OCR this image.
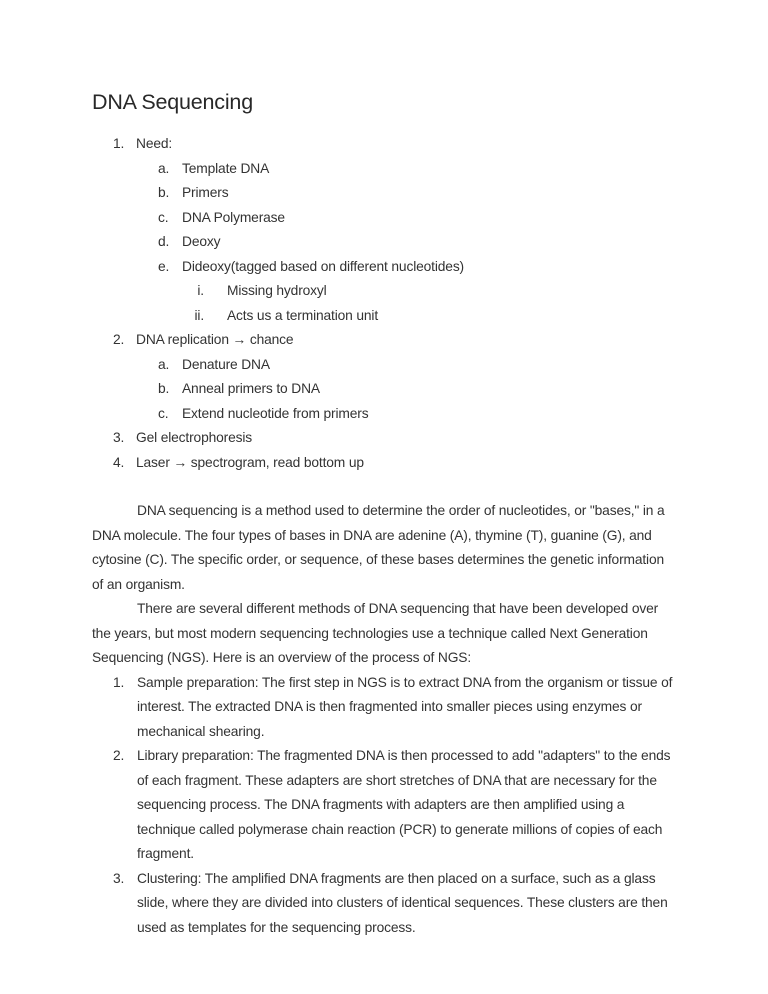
DNA Sequencing
1. Need:
a. Template DNA
b. Primers
c. DNA Polymerase
d. Deoxy
e. Dideoxy(tagged based on different nucleotides)
i. Missing hydroxyl
ii. Acts us a termination unit
2. DNA replication → chance
a. Denature DNA
b. Anneal primers to DNA
c. Extend nucleotide from primers
3. Gel electrophoresis
4. Laser → spectrogram, read bottom up

DNA sequencing is a method used to determine the order of nucleotides, or "bases," in a DNA molecule. The four types of bases in DNA are adenine (A), thymine (T), guanine (G), and cytosine (C). The specific order, or sequence, of these bases determines the genetic information of an organism.

There are several different methods of DNA sequencing that have been developed over the years, but most modern sequencing technologies use a technique called Next Generation Sequencing (NGS). Here is an overview of the process of NGS:

1. Sample preparation: The first step in NGS is to extract DNA from the organism or tissue of interest. The extracted DNA is then fragmented into smaller pieces using enzymes or mechanical shearing.
2. Library preparation: The fragmented DNA is then processed to add "adapters" to the ends of each fragment. These adapters are short stretches of DNA that are necessary for the sequencing process. The DNA fragments with adapters are then amplified using a technique called polymerase chain reaction (PCR) to generate millions of copies of each fragment.
3. Clustering: The amplified DNA fragments are then placed on a surface, such as a glass slide, where they are divided into clusters of identical sequences. These clusters are then used as templates for the sequencing process.
